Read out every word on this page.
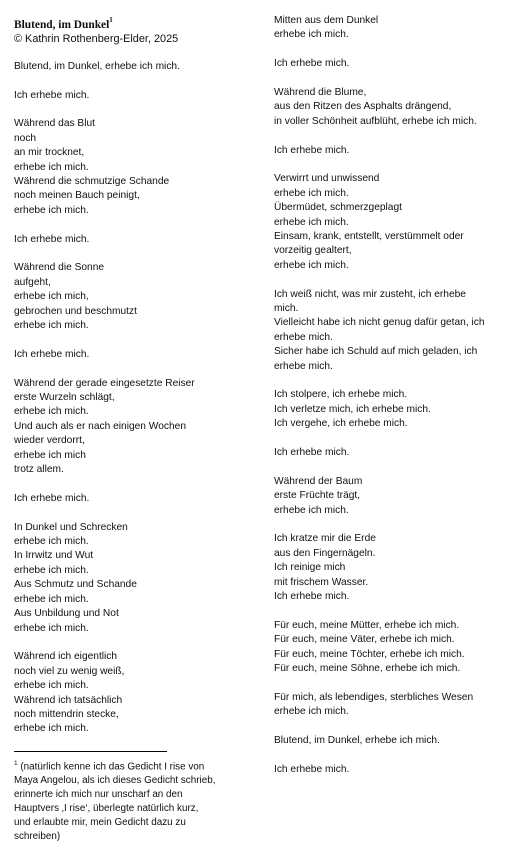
Blutend, im Dunkel$^1$
© Kathrin Rothenberg-Elder, 2025
Blutend, im Dunkel, erhebe ich mich.
Ich erhebe mich.
Während das Blut
noch
an mir trocknet,
erhebe ich mich.
Während die schmutzige Schande
noch meinen Bauch peinigt,
erhebe ich mich.
Ich erhebe mich.
Während die Sonne
aufgeht,
erhebe ich mich,
gebrochen und beschmutzt
erhebe ich mich.
Ich erhebe mich.
Während der gerade eingesetzte Reiser
erste Wurzeln schlägt,
erhebe ich mich.
Und auch als er nach einigen Wochen
wieder verdorrt,
erhebe ich mich
trotz allem.
Ich erhebe mich.
In Dunkel und Schrecken
erhebe ich mich.
In Irrwitz und Wut
erhebe ich mich.
Aus Schmutz und Schande
erhebe ich mich.
Aus Unbildung und Not
erhebe ich mich.
Während ich eigentlich
noch viel zu wenig weiß,
erhebe ich mich.
Während ich tatsächlich
noch mittendrin stecke,
erhebe ich mich.
$^1$ (natürlich kenne ich das Gedicht I rise von
Maya Angelou, als ich dieses Gedicht schrieb,
erinnerte ich mich nur unscharf an den
Hauptvers ‚I rise‘, überlegte natürlich kurz,
und erlaubte mir, mein Gedicht dazu zu
schreiben)
Mitten aus dem Dunkel
erhebe ich mich.
Ich erhebe mich.
Während die Blume,
aus den Ritzen des Asphalts drängend,
in voller Schönheit aufblüht, erhebe ich mich.
Ich erhebe mich.
Verwirrt und unwissend
erhebe ich mich.
Übermüdet, schmerzgeplagt
erhebe ich mich.
Einsam, krank, entstellt, verstümmelt oder
vorzeitig gealtert,
erhebe ich mich.
Ich weiß nicht, was mir zusteht, ich erhebe
mich.
Vielleicht habe ich nicht genug dafür getan, ich
erhebe mich.
Sicher habe ich Schuld auf mich geladen, ich
erhebe mich.
Ich stolpere, ich erhebe mich.
Ich verletze mich, ich erhebe mich.
Ich vergehe, ich erhebe mich.
Ich erhebe mich.
Während der Baum
erste Früchte trägt,
erhebe ich mich.
Ich kratze mir die Erde
aus den Fingernägeln.
Ich reinige mich
mit frischem Wasser.
Ich erhebe mich.
Für euch, meine Mütter, erhebe ich mich.
Für euch, meine Väter, erhebe ich mich.
Für euch, meine Töchter, erhebe ich mich.
Für euch, meine Söhne, erhebe ich mich.
Für mich, als lebendiges, sterbliches Wesen
erhebe ich mich.
Blutend, im Dunkel, erhebe ich mich.
Ich erhebe mich.
